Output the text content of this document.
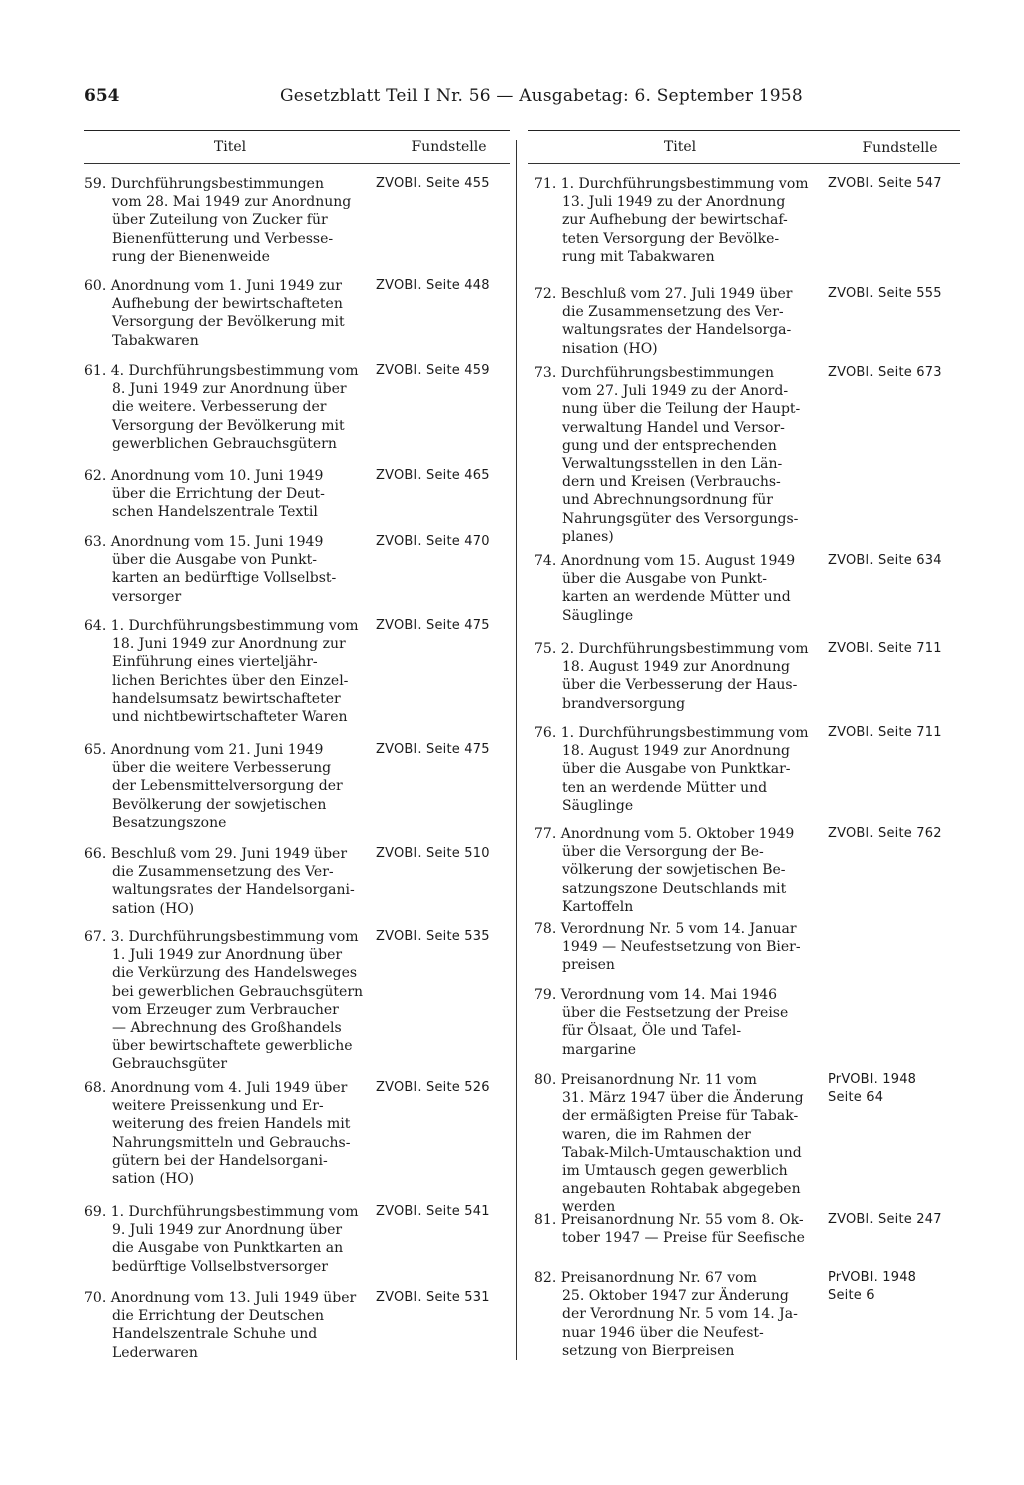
654	Gesetzblatt Teil I Nr. 56 — Ausgabetag: 6. September 1958
Titel	Fundstelle	Titel	Fundstelle
59. Durchführungsbestimmungen
vom 28. Mai 1949 zur Anordnung
über Zuteilung von Zucker für
Bienenfütterung und Verbesse-
rung der Bienenweide
ZVOBl. Seite 455
60. Anordnung vom 1. Juni 1949 zur
Aufhebung der bewirtschafteten
Versorgung der Bevölkerung mit
Tabakwaren
ZVOBl. Seite 448
61. 4. Durchführungsbestimmung vom
8. Juni 1949 zur Anordnung über
die weitere. Verbesserung der
Versorgung der Bevölkerung mit
gewerblichen Gebrauchsgütern
ZVOBl. Seite 459
62. Anordnung vom 10. Juni 1949
über die Errichtung der Deut-
schen Handelszentrale Textil
ZVOBl. Seite 465
63. Anordnung vom 15. Juni 1949
über die Ausgabe von Punkt-
karten an bedürftige Vollselbst-
versorger
ZVOBl. Seite 470
64. 1. Durchführungsbestimmung vom
18. Juni 1949 zur Anordnung zur
Einführung eines vierteljähr-
lichen Berichtes über den Einzel-
handelsumsatz bewirtschafteter
und nichtbewirtschafteter Waren
ZVOBl. Seite 475
65. Anordnung vom 21. Juni 1949
über die weitere Verbesserung
der Lebensmittelversorgung der
Bevölkerung der sowjetischen
Besatzungszone
ZVOBl. Seite 475
66. Beschluß vom 29. Juni 1949 über
die Zusammensetzung des Ver-
waltungsrates der Handelsorgani-
sation (HO)
ZVOBl. Seite 510
67. 3. Durchführungsbestimmung vom
1. Juli 1949 zur Anordnung über
die Verkürzung des Handelsweges
bei gewerblichen Gebrauchsgütern
vom Erzeuger zum Verbraucher
— Abrechnung des Großhandels
über bewirtschaftete gewerbliche
Gebrauchsgüter
ZVOBl. Seite 535
68. Anordnung vom 4. Juli 1949 über
weitere Preissenkung und Er-
weiterung des freien Handels mit
Nahrungsmitteln und Gebrauchs-
gütern bei der Handelsorgani-
sation (HO)
ZVOBl. Seite 526
69. 1. Durchführungsbestimmung vom
9. Juli 1949 zur Anordnung über
die Ausgabe von Punktkarten an
bedürftige Vollselbstversorger
ZVOBl. Seite 541
70. Anordnung vom 13. Juli 1949 über
die Errichtung der Deutschen
Handelszentrale Schuhe und
Lederwaren
ZVOBl. Seite 531
71. 1. Durchführungsbestimmung vom
13. Juli 1949 zu der Anordnung
zur Aufhebung der bewirtschaf-
teten Versorgung der Bevölke-
rung mit Tabakwaren
ZVOBl. Seite 547
72. Beschluß vom 27. Juli 1949 über
die Zusammensetzung des Ver-
waltungsrates der Handelsorga-
nisation (HO)
ZVOBl. Seite 555
73. Durchführungsbestimmungen
vom 27. Juli 1949 zu der Anord-
nung über die Teilung der Haupt-
verwaltung Handel und Versor-
gung und der entsprechenden
Verwaltungsstellen in den Län-
dern und Kreisen (Verbrauchs-
und Abrechnungsordnung für
Nahrungsgüter des Versorgungs-
planes)
ZVOBl. Seite 673
74. Anordnung vom 15. August 1949
über die Ausgabe von Punkt-
karten an werdende Mütter und
Säuglinge
ZVOBl. Seite 634
75. 2. Durchführungsbestimmung vom
18. August 1949 zur Anordnung
über die Verbesserung der Haus-
brandversorgung
ZVOBl. Seite 711
76. 1. Durchführungsbestimmung vom
18. August 1949 zur Anordnung
über die Ausgabe von Punktkar-
ten an werdende Mütter und
Säuglinge
ZVOBl. Seite 711
77. Anordnung vom 5. Oktober 1949
über die Versorgung der Be-
völkerung der sowjetischen Be-
satzungszone Deutschlands mit
Kartoffeln
ZVOBl. Seite 762
78. Verordnung Nr. 5 vom 14. Januar
1949 — Neufestsetzung von Bier-
preisen
79. Verordnung vom 14. Mai 1946
über die Festsetzung der Preise
für Ölsaat, Öle und Tafel-
margarine
80. Preisanordnung Nr. 11 vom
31. März 1947 über die Änderung
der ermäßigten Preise für Tabak-
waren, die im Rahmen der
Tabak-Milch-Umtauschaktion und
im Umtausch gegen gewerblich
angebauten Rohtabak abgegeben
werden
PrVOBl. 1948
Seite 64
81. Preisanordnung Nr. 55 vom 8. Ok-
tober 1947 — Preise für Seefische
ZVOBl. Seite 247
82. Preisanordnung Nr. 67 vom
25. Oktober 1947 zur Änderung
der Verordnung Nr. 5 vom 14. Ja-
nuar 1946 über die Neufest-
setzung von Bierpreisen
PrVOBl. 1948
Seite 6
